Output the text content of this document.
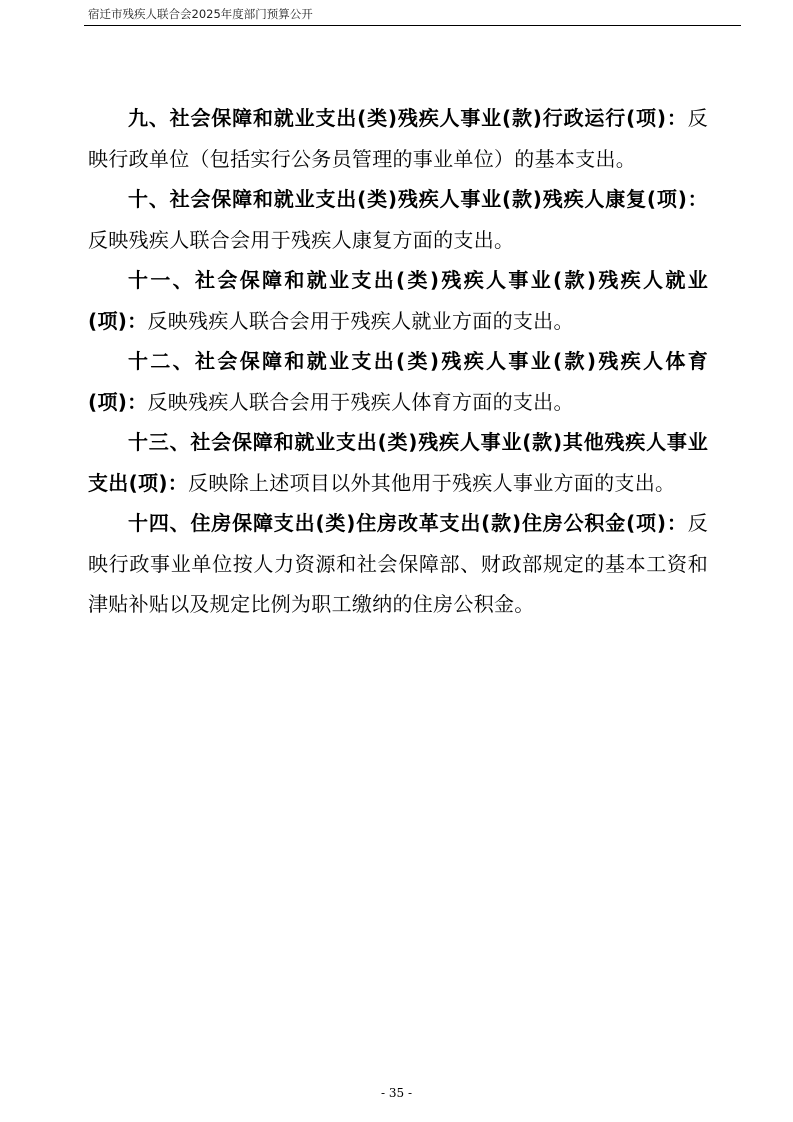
宿迁市残疾人联合会2025年度部门预算公开

九、社会保障和就业支出(类)残疾人事业(款)行政运行(项)：反映行政单位（包括实行公务员管理的事业单位）的基本支出。

十、社会保障和就业支出(类)残疾人事业(款)残疾人康复(项)：反映残疾人联合会用于残疾人康复方面的支出。

十一、社会保障和就业支出(类)残疾人事业(款)残疾人就业(项)：反映残疾人联合会用于残疾人就业方面的支出。

十二、社会保障和就业支出(类)残疾人事业(款)残疾人体育(项)：反映残疾人联合会用于残疾人体育方面的支出。

十三、社会保障和就业支出(类)残疾人事业(款)其他残疾人事业支出(项)：反映除上述项目以外其他用于残疾人事业方面的支出。

十四、住房保障支出(类)住房改革支出(款)住房公积金(项)：反映行政事业单位按人力资源和社会保障部、财政部规定的基本工资和津贴补贴以及规定比例为职工缴纳的住房公积金。

- 35 -
